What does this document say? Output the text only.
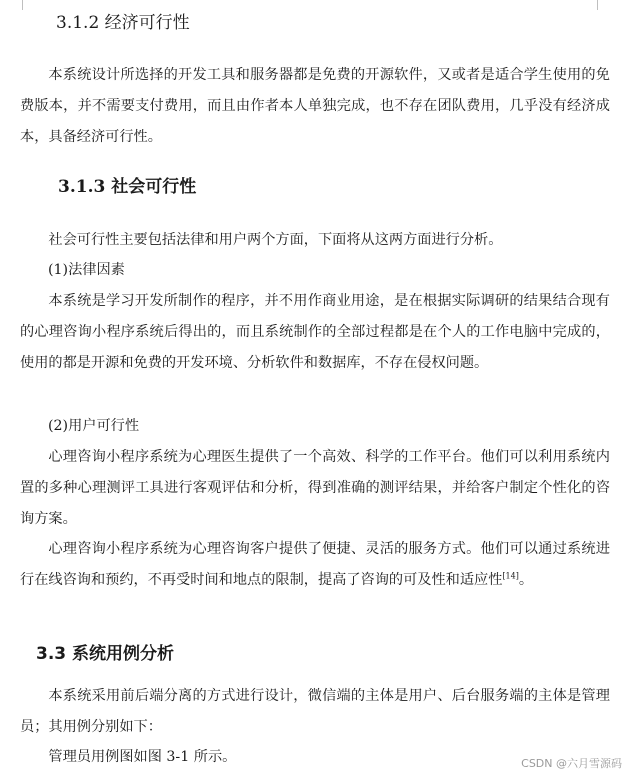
3.1.2 经济可行性

本系统设计所选择的开发工具和服务器都是免费的开源软件，又或者是适合学生使用的免费版本，并不需要支付费用，而且由作者本人单独完成，也不存在团队费用，几乎没有经济成本，具备经济可行性。

3.1.3 社会可行性

社会可行性主要包括法律和用户两个方面，下面将从这两方面进行分析。

(1)法律因素

本系统是学习开发所制作的程序，并不用作商业用途，是在根据实际调研的结果结合现有的心理咨询小程序系统后得出的，而且系统制作的全部过程都是在个人的工作电脑中完成的，使用的都是开源和免费的开发环境、分析软件和数据库，不存在侵权问题。

(2)用户可行性

心理咨询小程序系统为心理医生提供了一个高效、科学的工作平台。他们可以利用系统内置的多种心理测评工具进行客观评估和分析，得到准确的测评结果，并给客户制定个性化的咨询方案。

心理咨询小程序系统为心理咨询客户提供了便捷、灵活的服务方式。他们可以通过系统进行在线咨询和预约，不再受时间和地点的限制，提高了咨询的可及性和适应性[14]。

3.3 系统用例分析

本系统采用前后端分离的方式进行设计，微信端的主体是用户、后台服务端的主体是管理员；其用例分别如下：

管理员用例图如图 3-1 所示。	CSDN @六月雪源码
